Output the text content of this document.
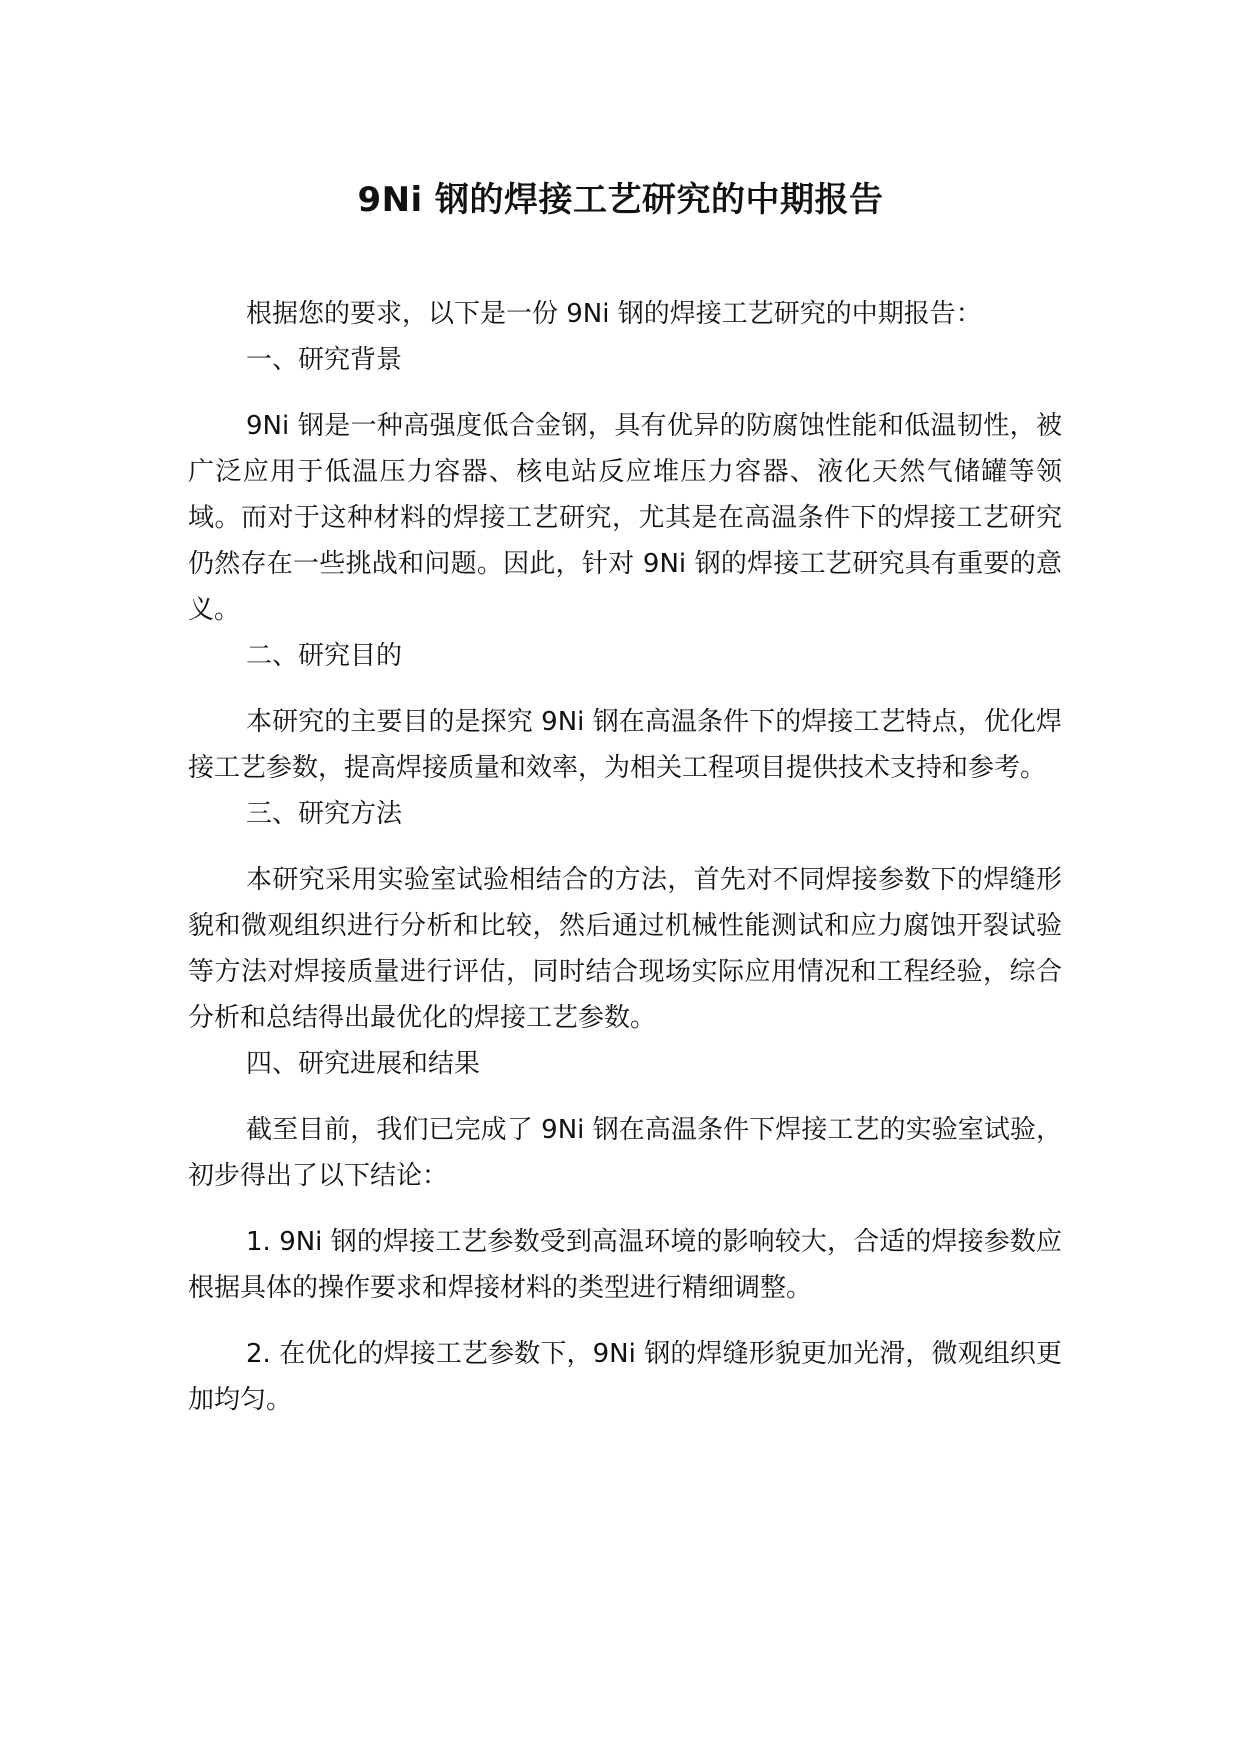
9Ni 钢的焊接工艺研究的中期报告

根据您的要求，以下是一份 9Ni 钢的焊接工艺研究的中期报告：

一、研究背景

9Ni 钢是一种高强度低合金钢，具有优异的防腐蚀性能和低温韧性，被广泛应用于低温压力容器、核电站反应堆压力容器、液化天然气储罐等领域。而对于这种材料的焊接工艺研究，尤其是在高温条件下的焊接工艺研究仍然存在一些挑战和问题。因此，针对 9Ni 钢的焊接工艺研究具有重要的意义。

二、研究目的

本研究的主要目的是探究 9Ni 钢在高温条件下的焊接工艺特点，优化焊接工艺参数，提高焊接质量和效率，为相关工程项目提供技术支持和参考。

三、研究方法

本研究采用实验室试验相结合的方法，首先对不同焊接参数下的焊缝形貌和微观组织进行分析和比较，然后通过机械性能测试和应力腐蚀开裂试验等方法对焊接质量进行评估，同时结合现场实际应用情况和工程经验，综合分析和总结得出最优化的焊接工艺参数。

四、研究进展和结果

截至目前，我们已完成了 9Ni 钢在高温条件下焊接工艺的实验室试验，初步得出了以下结论：

1. 9Ni 钢的焊接工艺参数受到高温环境的影响较大，合适的焊接参数应根据具体的操作要求和焊接材料的类型进行精细调整。

2. 在优化的焊接工艺参数下，9Ni 钢的焊缝形貌更加光滑，微观组织更加均匀。
